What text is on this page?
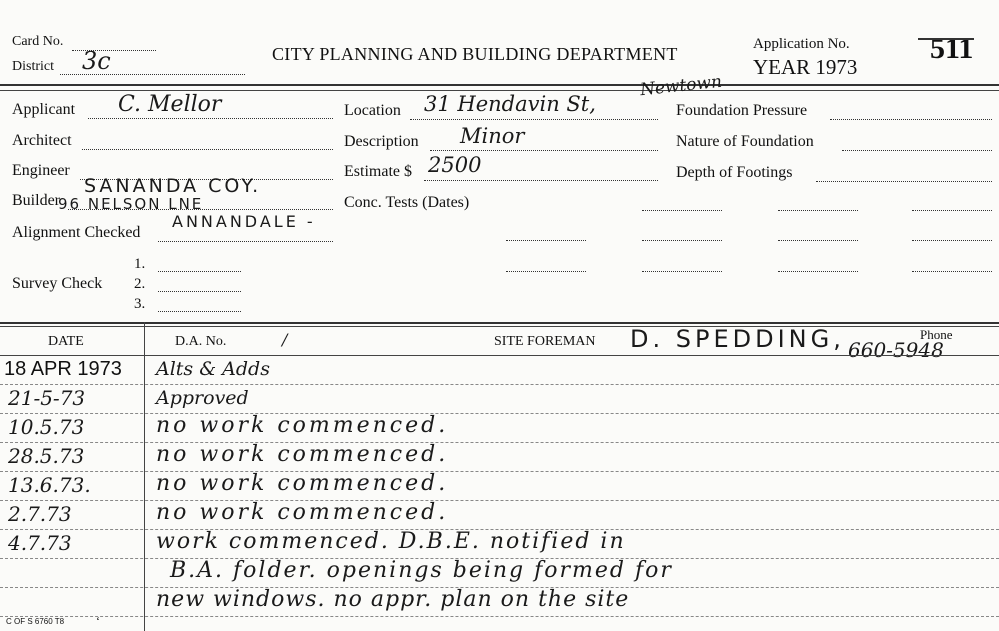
Card No.
District 3c	CITY PLANNING AND BUILDING DEPARTMENT	Application No.
YEAR 1973
511
Applicant C. Mellor
Architect
Engineer
Builder
SANANDA COY.
96 NELSON LNE
Alignment Checked
ANNANDALE -
Survey Check
1.
2.
3.
Location 31 Hendavin St,
Newtown
Description Minor
Estimate $ 2500
Conc. Tests (Dates)
Foundation Pressure
Nature of Foundation
Depth of Footings
DATE	D.A. No.	/	SITE FOREMAN D. SPEDDING,	Phone
660-5948
18 APR 1973 Alts & Adds
21-5-73	Approved
10.5.73	no work commenced.
28.5.73	no work commenced.
13.6.73.	no work commenced.
2.7.73	no work commenced.
4.7.73	work commenced. D.B.E. notified in
B.A. folder. openings being formed for
new windows. no appr. plan on the site
C OF S 6760 T8	‘
